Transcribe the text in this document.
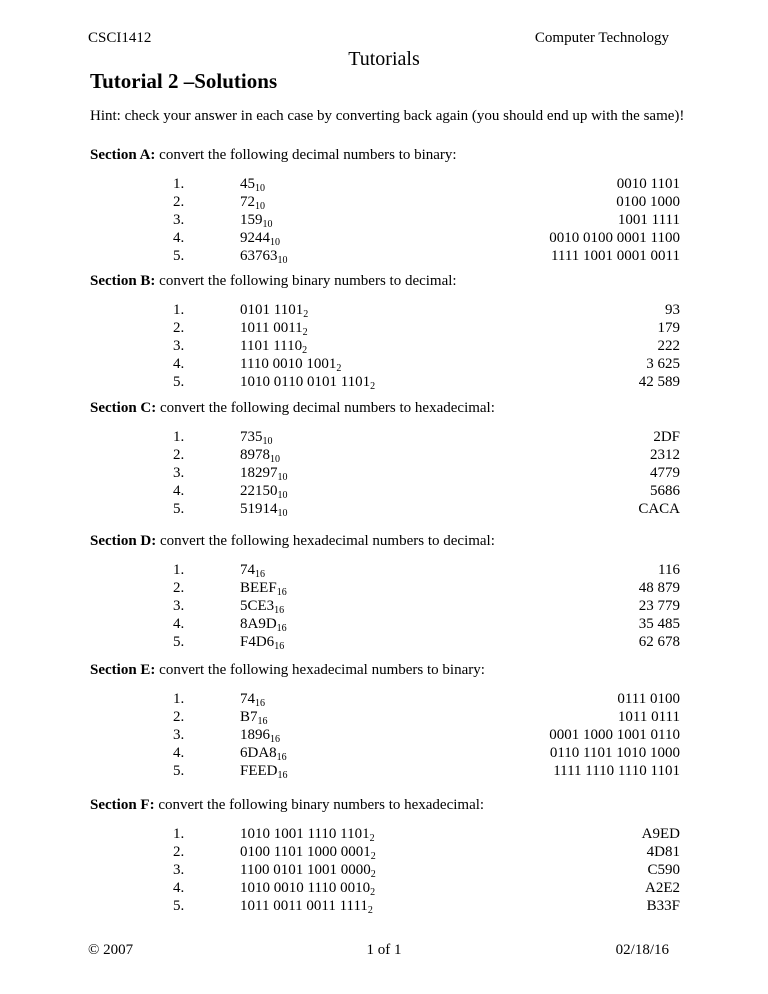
CSCI1412	Computer Technology
Tutorials
Tutorial 2 –Solutions
Hint: check your answer in each case by converting back again (you should end up with the same)!
Section A: convert the following decimal numbers to binary:
1.	$45_{10}$	0010 1101
2.	$72_{10}$	0100 1000
3.	$159_{10}$	1001 1111
4.	$9244_{10}$	0010 0100 0001 1100
5.	$63763_{10}$	1111 1001 0001 0011
Section B: convert the following binary numbers to decimal:
1.	0101 $1101_2$	93
2.	1011 $0011_2$	179
3.	1101 $1110_2$	222
4.	1110 0010 $1001_2$	3 625
5.	1010 0110 0101 $1101_2$	42 589
Section C: convert the following decimal numbers to hexadecimal:
1.	$735_{10}$	2DF
2.	$8978_{10}$	2312
3.	$18297_{10}$	4779
4.	$22150_{10}$	5686
5.	$51914_{10}$	CACA
Section D: convert the following hexadecimal numbers to decimal:
1.	$74_{16}$	116
2.	$BEEF_{16}$	48 879
3.	$5CE3_{16}$	23 779
4.	$8A9D_{16}$	35 485
5.	$F4D6_{16}$	62 678
Section E: convert the following hexadecimal numbers to binary:
1.	$74_{16}$	0111 0100
2.	$B7_{16}$	1011 0111
3.	$1896_{16}$	0001 1000 1001 0110
4.	$6DA8_{16}$	0110 1101 1010 1000
5.	$FEED_{16}$	1111 1110 1110 1101
Section F: convert the following binary numbers to hexadecimal:
1.	1010 1001 1110 $1101_2$	A9ED
2.	0100 1101 1000 $0001_2$	4D81
3.	1100 0101 1001 $0000_2$	C590
4.	1010 0010 1110 $0010_2$	A2E2
5.	1011 0011 0011 $1111_2$	B33F
© 2007	1 of 1	02/18/16
